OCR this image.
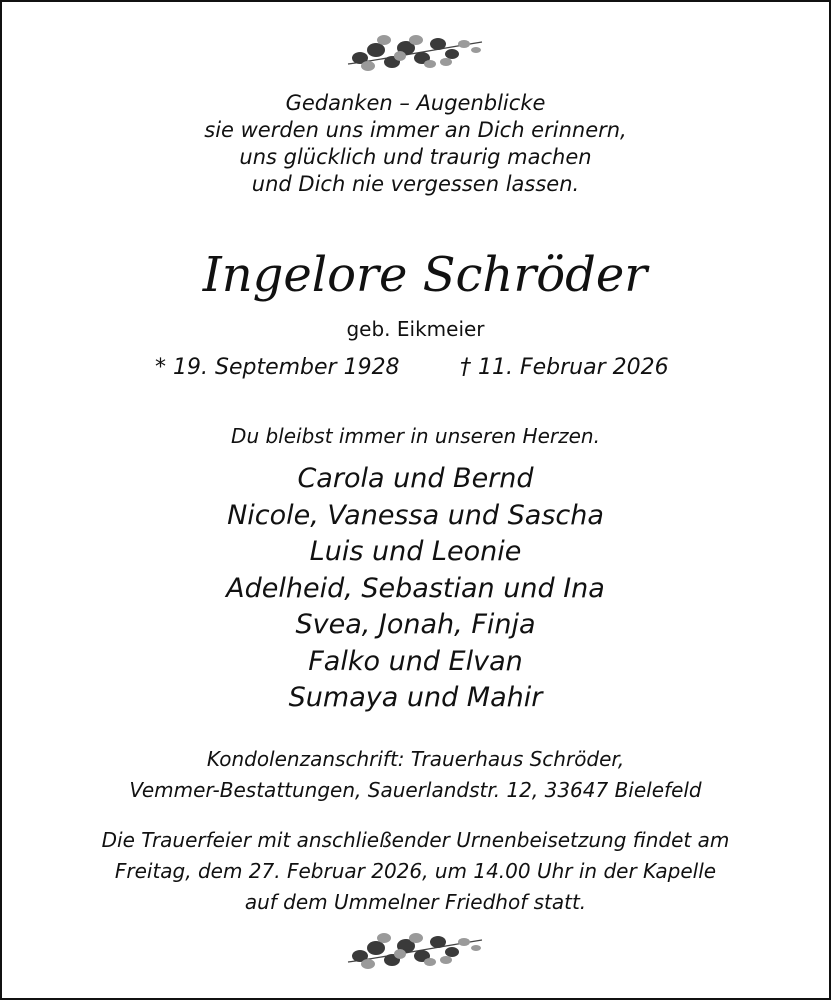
Gedanken – Augenblicke
sie werden uns immer an Dich erinnern,
uns glücklich und traurig machen
und Dich nie vergessen lassen.
Ingelore Schröder
geb. Eikmeier
* 19. September 1928	† 11. Februar 2026
Du bleibst immer in unseren Herzen.
Carola und Bernd
Nicole, Vanessa und Sascha
Luis und Leonie
Adelheid, Sebastian und Ina
Svea, Jonah, Finja
Falko und Elvan
Sumaya und Mahir
Kondolenzanschrift: Trauerhaus Schröder,
Vemmer-Bestattungen, Sauerlandstr. 12, 33647 Bielefeld
Die Trauerfeier mit anschließender Urnenbeisetzung findet am
Freitag, dem 27. Februar 2026, um 14.00 Uhr in der Kapelle
auf dem Ummelner Friedhof statt.
